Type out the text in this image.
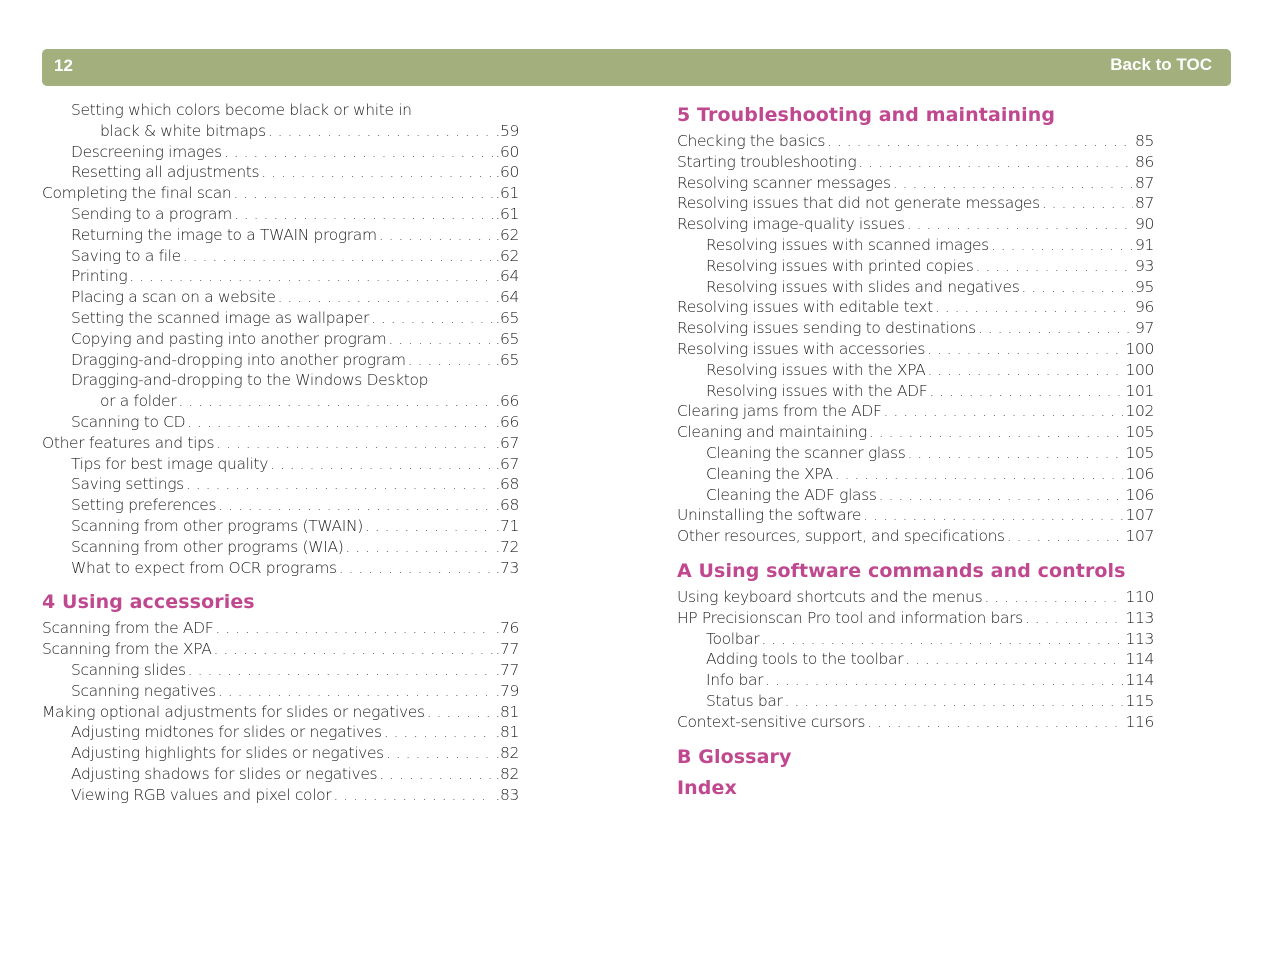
12	Back to TOC
Setting which colors become black or white in
black & white bitmaps . . .	.59
Descreening images . . .	.60
Resetting all adjustments . . .	.60
Completing the final scan . . .	.61
Sending to a program . . .	.61
Returning the image to a TWAIN program . . .	.62
Saving to a file . . .	.62
Printing . . .	.64
Placing a scan on a website . . .	.64
Setting the scanned image as wallpaper . . .	.65
Copying and pasting into another program . . .	.65
Dragging-and-dropping into another program . . .	.65
Dragging-and-dropping to the Windows Desktop
or a folder . . .	.66
Scanning to CD . . .	.66
Other features and tips . . .	.67
Tips for best image quality . . .	.67
Saving settings . . .	.68
Setting preferences . . .	.68
Scanning from other programs (TWAIN) . . .	.71
Scanning from other programs (WIA) . . .	.72
What to expect from OCR programs . . .	.73
4 Using accessories
Scanning from the ADF . . .	.76
Scanning from the XPA . . .	.77
Scanning slides . . .	.77
Scanning negatives . . .	.79
Making optional adjustments for slides or negatives . . .	.81
Adjusting midtones for slides or negatives . . .	.81
Adjusting highlights for slides or negatives . . .	.82
Adjusting shadows for slides or negatives . . .	.82
Viewing RGB values and pixel color . . .	.83
5 Troubleshooting and maintaining
Checking the basics . . .	85
Starting troubleshooting . . .	86
Resolving scanner messages . . .	87
Resolving issues that did not generate messages . . .	87
Resolving image-quality issues . . .	90
Resolving issues with scanned images . . .	91
Resolving issues with printed copies . . .	93
Resolving issues with slides and negatives . . .	95
Resolving issues with editable text . . .	96
Resolving issues sending to destinations . . .	97
Resolving issues with accessories . . .	100
Resolving issues with the XPA . . .	100
Resolving issues with the ADF . . .	101
Clearing jams from the ADF . . .	102
Cleaning and maintaining . . .	105
Cleaning the scanner glass . . .	105
Cleaning the XPA . . .	106
Cleaning the ADF glass . . .	106
Uninstalling the software . . .	107
Other resources, support, and specifications . . .	107
A Using software commands and controls
Using keyboard shortcuts and the menus . . .	110
HP Precisionscan Pro tool and information bars . . .	113
Toolbar . . .	113
Adding tools to the toolbar . . .	114
Info bar . . .	114
Status bar . . .	115
Context-sensitive cursors . . .	116
B Glossary
Index
